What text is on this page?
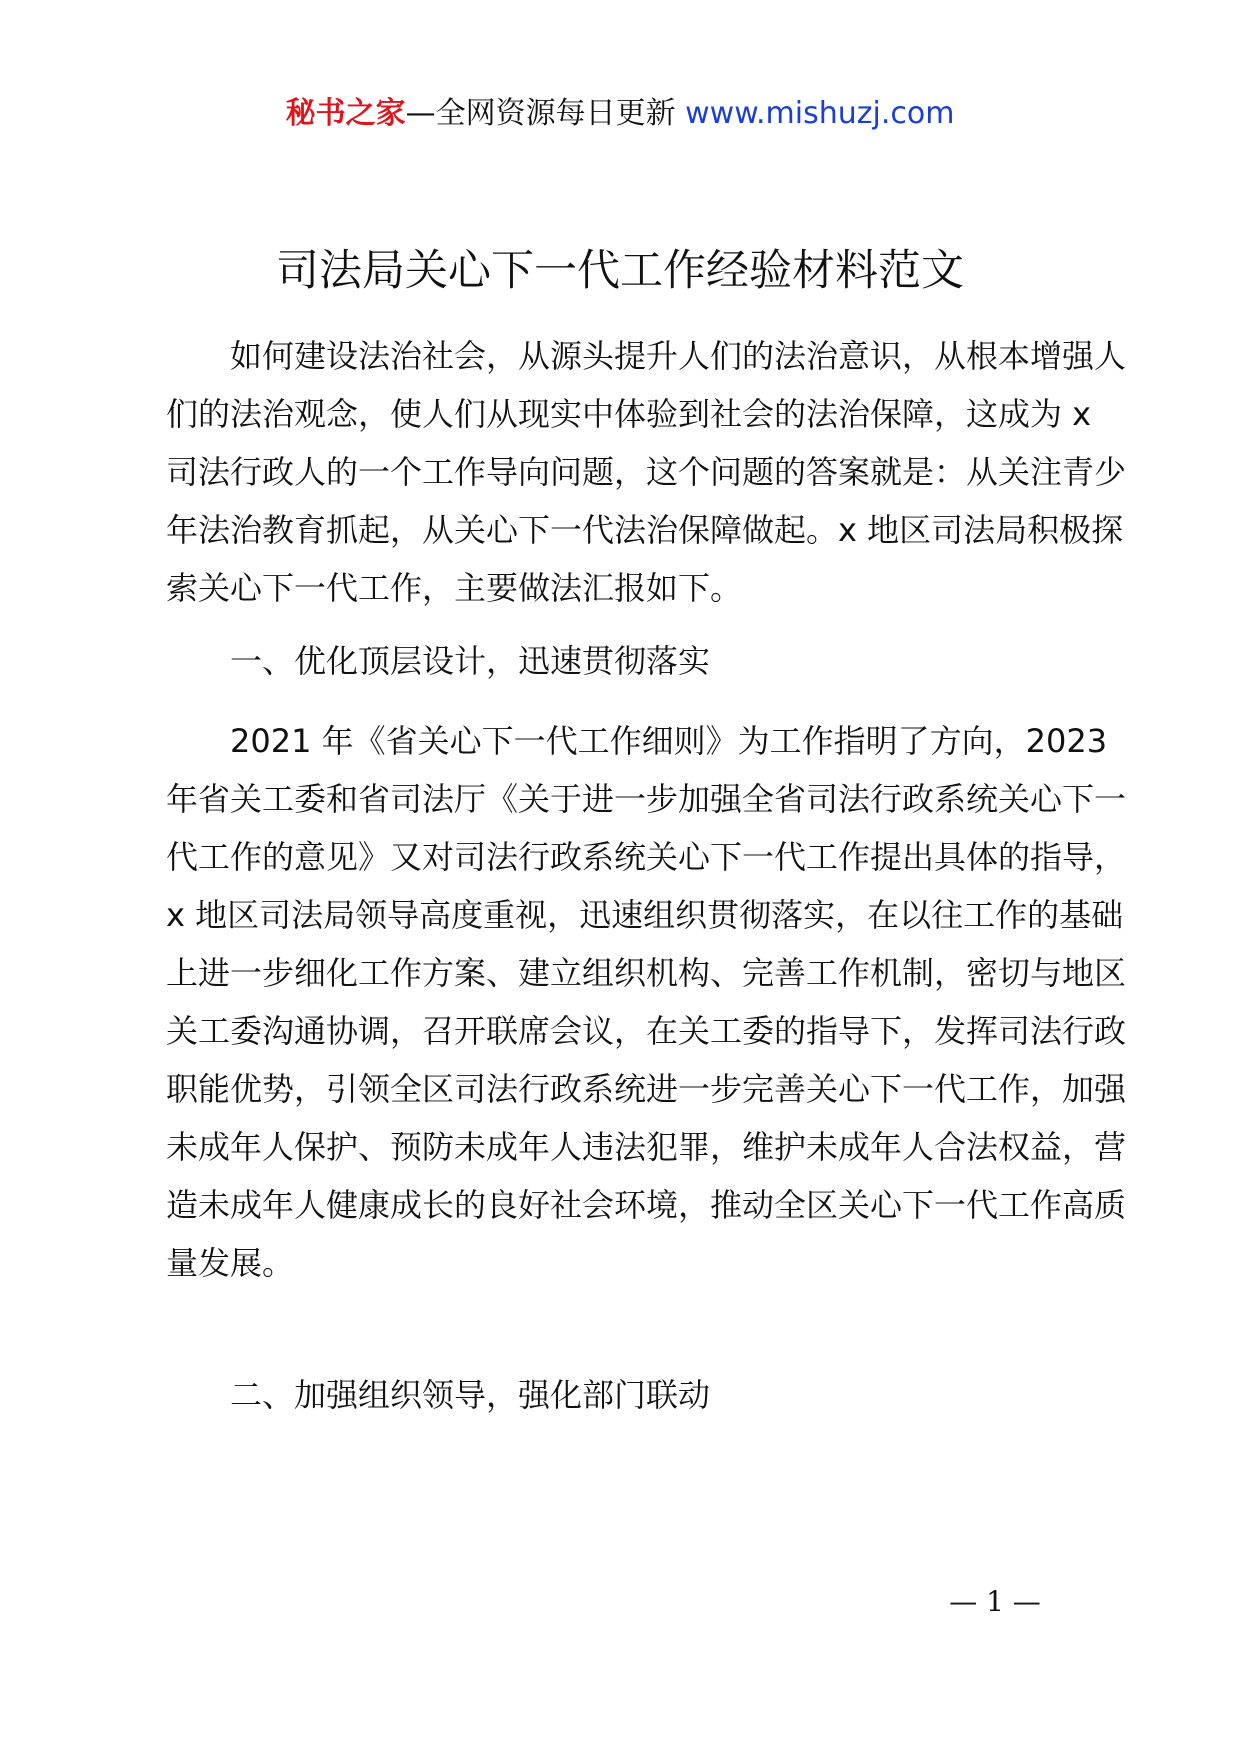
秘书之家—全网资源每日更新 www.mishuzj.com
司法局关心下一代工作经验材料范文

如何建设法治社会，从源头提升人们的法治意识，从根本增强人们的法治观念，使人们从现实中体验到社会的法治保障，这成为 x 司法行政人的一个工作导向问题，这个问题的答案就是：从关注青少年法治教育抓起，从关心下一代法治保障做起。x 地区司法局积极探索关心下一代工作，主要做法汇报如下。

一、优化顶层设计，迅速贯彻落实

2021 年《省关心下一代工作细则》为工作指明了方向，2023 年省关工委和省司法厅《关于进一步加强全省司法行政系统关心下一代工作的意见》又对司法行政系统关心下一代工作提出具体的指导，x 地区司法局领导高度重视，迅速组织贯彻落实，在以往工作的基础上进一步细化工作方案、建立组织机构、完善工作机制，密切与地区关工委沟通协调，召开联席会议，在关工委的指导下，发挥司法行政职能优势，引领全区司法行政系统进一步完善关心下一代工作，加强未成年人保护、预防未成年人违法犯罪，维护未成年人合法权益，营造未成年人健康成长的良好社会环境，推动全区关心下一代工作高质量发展。

二、加强组织领导，强化部门联动

— 1 —
